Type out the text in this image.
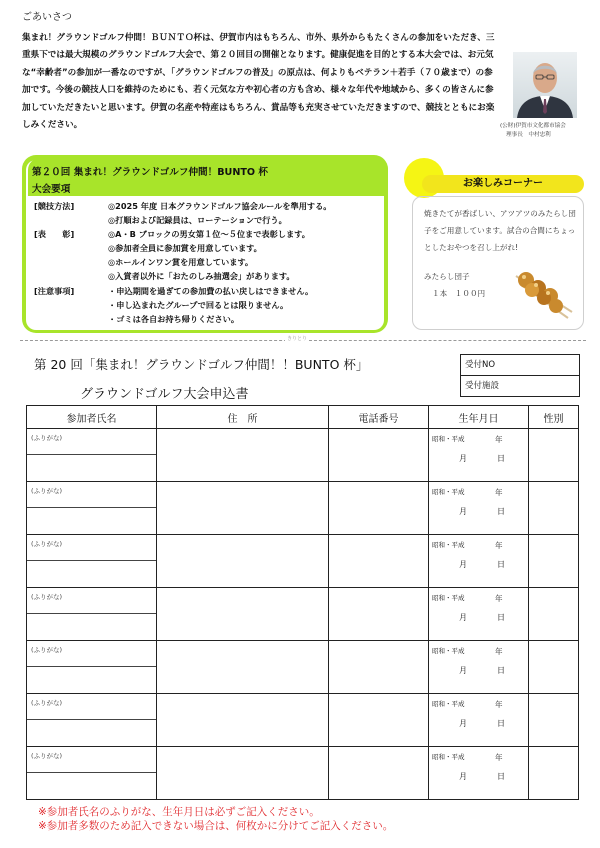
ごあいさつ
集まれ！グラウンドゴルフ仲間！ＢＵＮＴＯ杯は、伊賀市内はもちろん、市外、県外からもたくさんの参加をいただき、三重県下では最大規模のグラウンドゴルフ大会で、第２０回目の開催となります。健康促進を目的とする本大会では、お元気な“幸齢者”の参加が一番なのですが、「グラウンドゴルフの普及」の原点は、何よりもベテラン＋若手（７０歳まで）の参加です。今後の競技人口を維持のためにも、若く元気な方や初心者の方も含め、様々な年代や地域から、多くの皆さんに参加していただきたいと思います。伊賀の名産や特産はもちろん、賞品等も充実させていただきますので、競技とともにお楽しみください。	(公財)伊賀市文化都市協会
理事長　中村忠利
第２０回 集まれ！グラウンドゴルフ仲間！BUNTO 杯
大会要項
[競技方法]	◎2025 年度 日本グラウンドゴルフ協会ルールを準用する。
◎打順および記録員は、ローテーションで行う。
[表　　彰]	◎A・B ブロックの男女第１位～５位まで表彰します。
◎参加者全員に参加賞を用意しています。
◎ホールインワン賞を用意しています。
◎入賞者以外に「おたのしみ抽選会」があります。
[注意事項]	・申込期間を過ぎての参加費の払い戻しはできません。
・申し込まれたグループで回るとは限りません。
・ゴミは各自お持ち帰りください。
お楽しみコーナー
焼きたてが香ばしい、アツアツのみたらし団子をご用意しています。試合の合間にちょっとしたおやつを召し上がれ!
みたらし団子
１本　１００円
きりとり
第 20 回「集まれ！グラウンドゴルフ仲間！！BUNTO 杯」
グラウンドゴルフ大会申込書
受付NO
受付施設
参加者氏名	住　所	電話番号	生年月日	性別

(ふりがな)			昭和・平成 年
月 日	

(ふりがな)			昭和・平成 年
月 日	

(ふりがな)			昭和・平成 年
月 日	

(ふりがな)			昭和・平成 年
月 日	

(ふりがな)			昭和・平成 年
月 日	

(ふりがな)			昭和・平成 年
月 日	

(ふりがな)			昭和・平成 年
月 日	

※参加者氏名のふりがな、生年月日は必ずご記入ください。
※参加者多数のため記入できない場合は、何枚かに分けてご記入ください。
